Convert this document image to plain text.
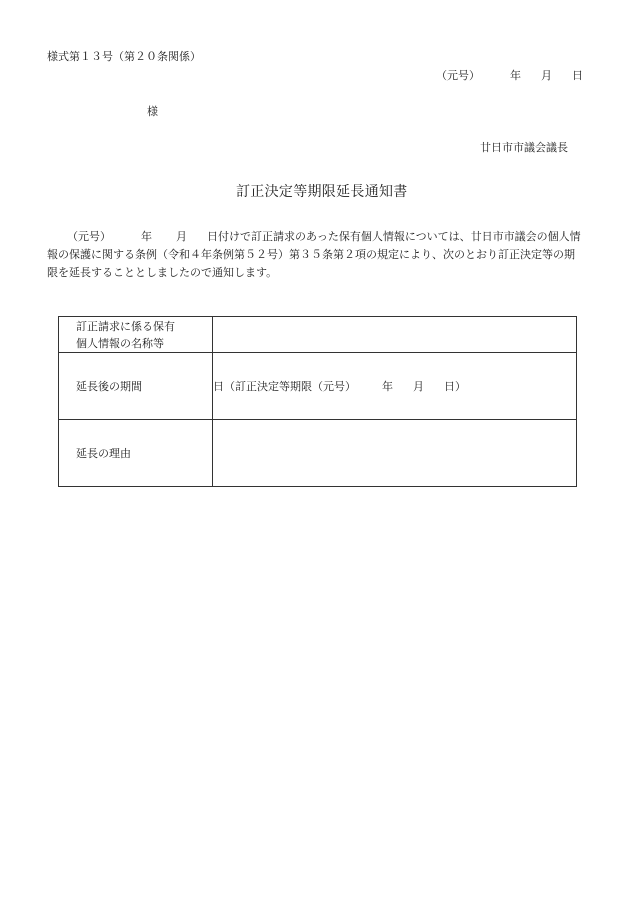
様式第１３号（第２０条関係）
（元号）	年 月 日
様
廿日市市議会議長
訂正決定等期限延長通知書
（元号）	年 月 日付けで訂正請求のあった保有個人情報については、廿日市市議会の個人情報の保護に関する条例（令和４年条例第５２号）第３５条第２項の規定により、次のとおり訂正決定等の期限を延長することとしましたので通知します。
訂正請求に係る保有
個人情報の名称等	

延長後の期間	日（訂正決定等期限（元号） 年 月 日）
延長の理由	
